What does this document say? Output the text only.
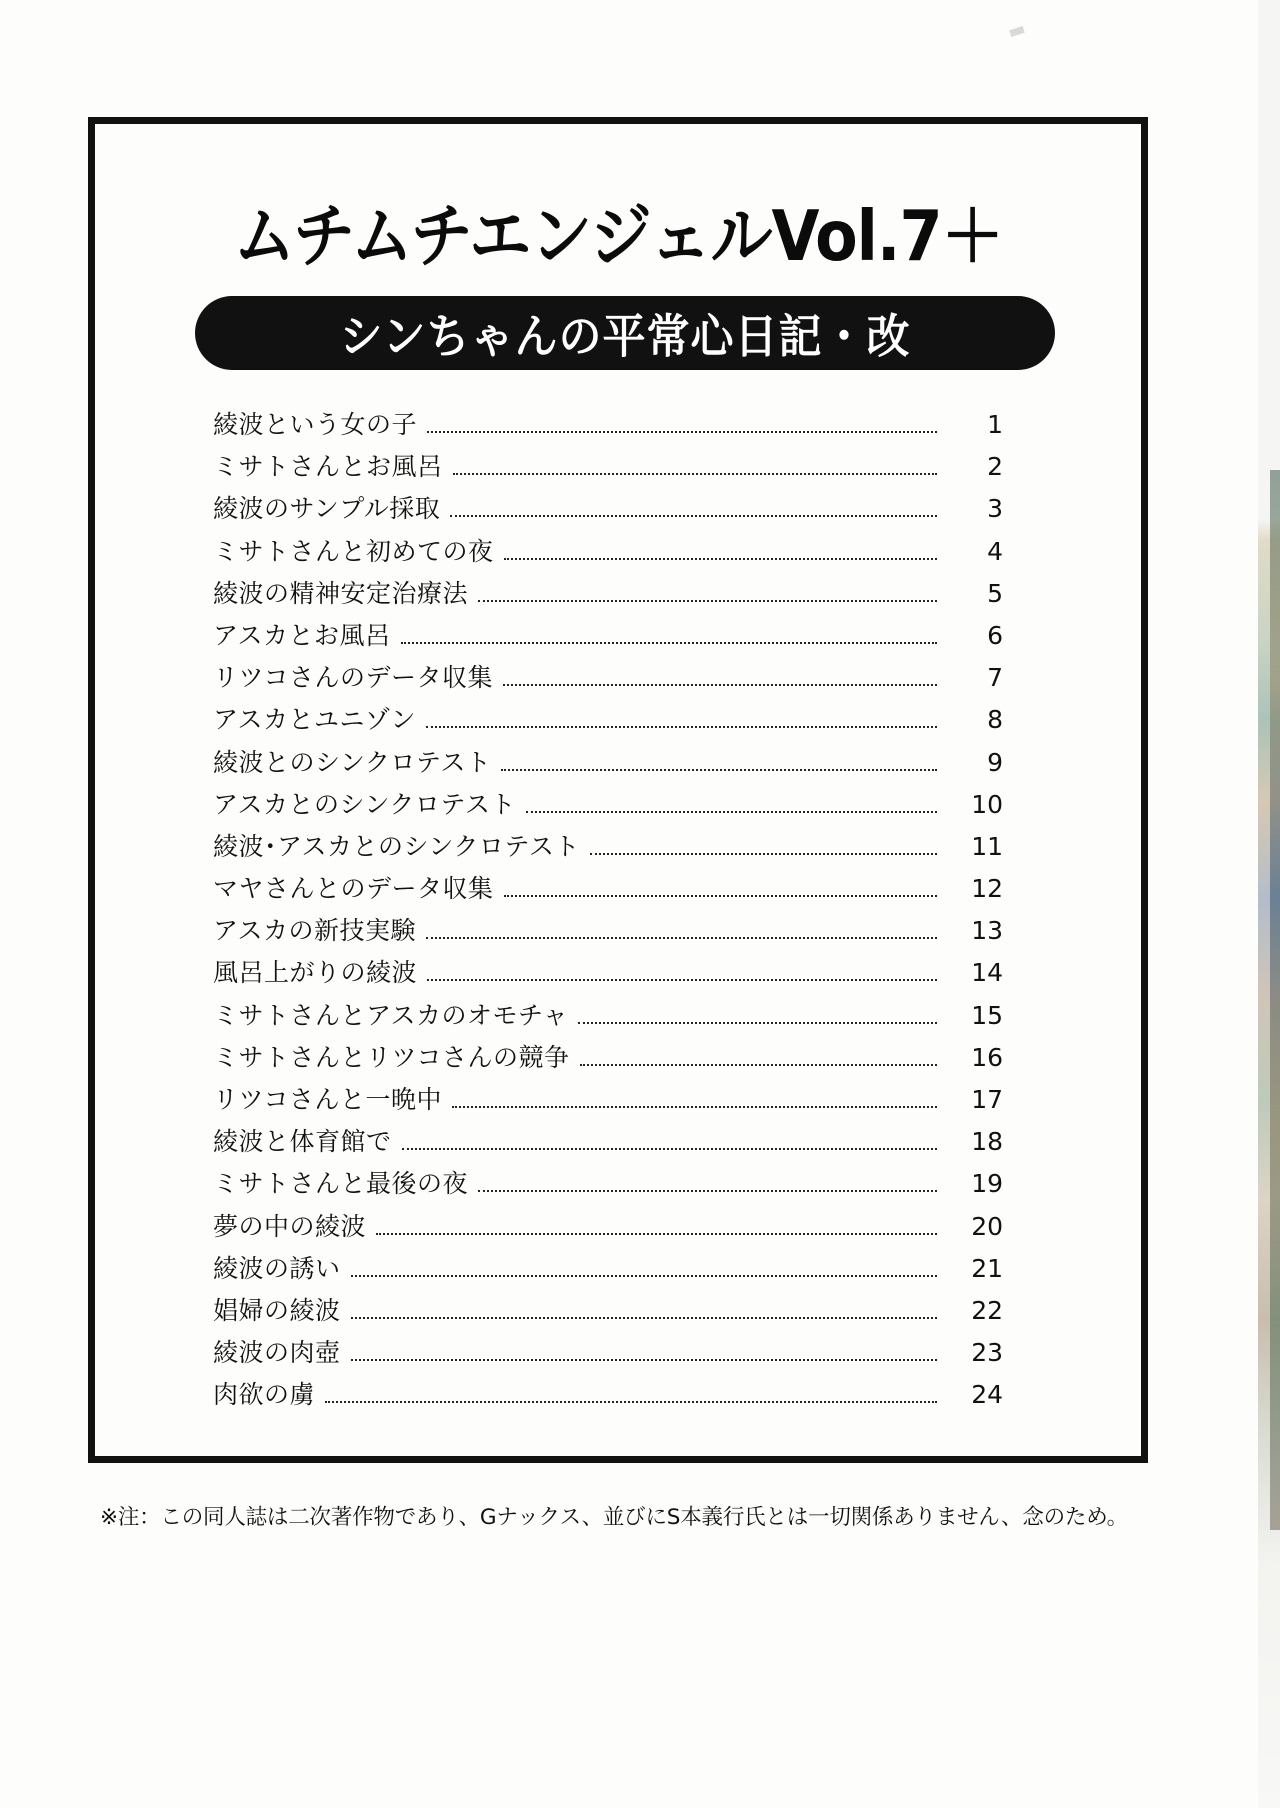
ムチムチエンジェルVol.7＋
シンちゃんの平常心日記・改
綾波という女の子	1
ミサトさんとお風呂	2
綾波のサンプル採取	3
ミサトさんと初めての夜	4
綾波の精神安定治療法	5
アスカとお風呂	6
リツコさんのデータ収集	7
アスカとユニゾン	8
綾波とのシンクロテスト	9
アスカとのシンクロテスト	10
綾波･アスカとのシンクロテスト	11
マヤさんとのデータ収集	12
アスカの新技実験	13
風呂上がりの綾波	14
ミサトさんとアスカのオモチャ	15
ミサトさんとリツコさんの競争	16
リツコさんと一晩中	17
綾波と体育館で	18
ミサトさんと最後の夜	19
夢の中の綾波	20
綾波の誘い	21
娼婦の綾波	22
綾波の肉壺	23
肉欲の虜	24
※注：この同人誌は二次著作物であり、Gナックス、並びにS本義行氏とは一切関係ありません、念のため。
